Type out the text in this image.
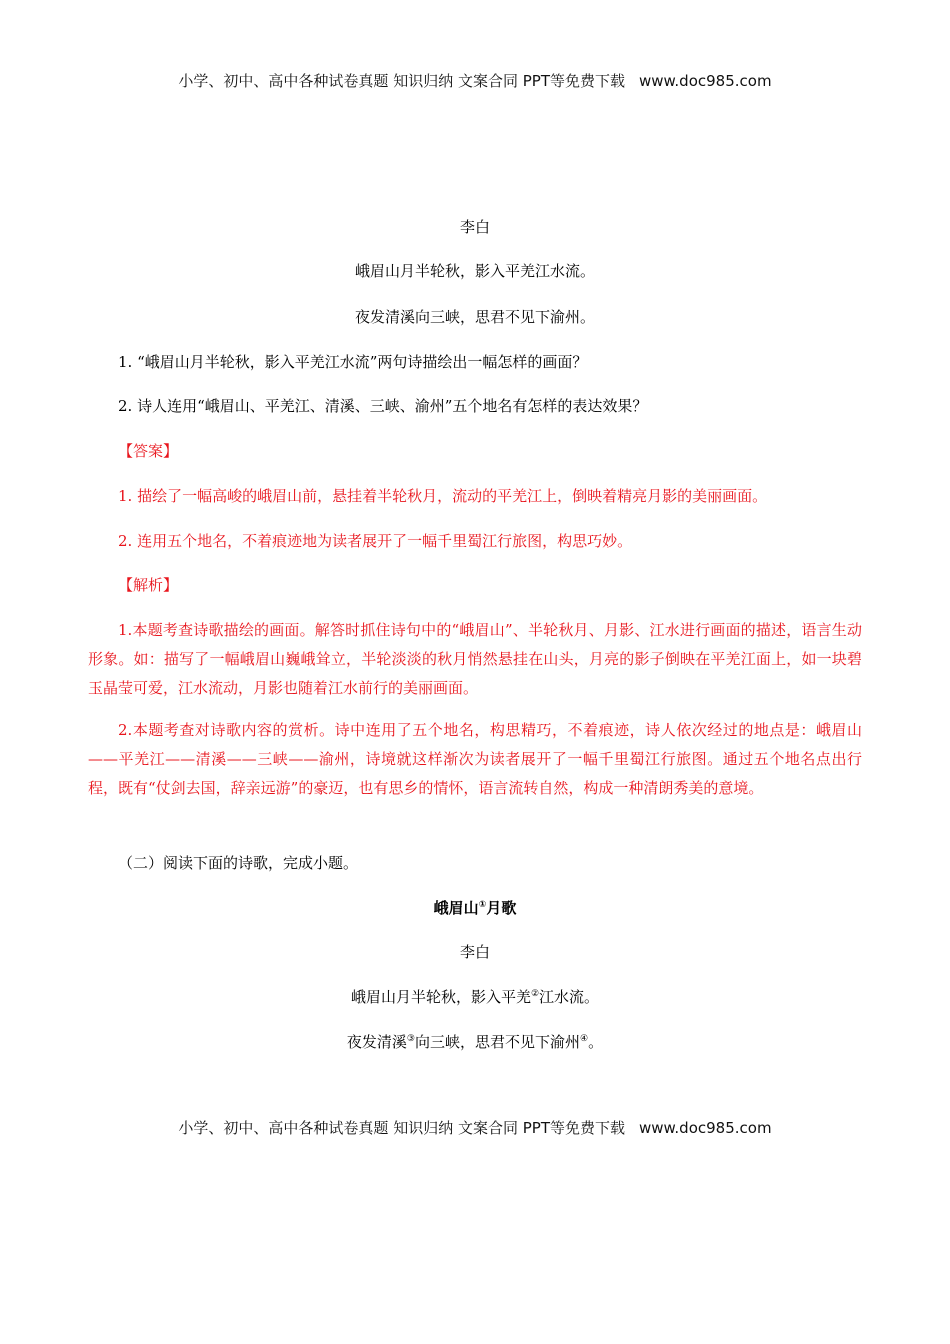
小学、初中、高中各种试卷真题 知识归纳 文案合同 PPT等免费下载 www.doc985.com
李白
峨眉山月半轮秋，影入平羌江水流。
夜发清溪向三峡，思君不见下渝州。
1. “峨眉山月半轮秋，影入平羌江水流”两句诗描绘出一幅怎样的画面？
2. 诗人连用“峨眉山、平羌江、清溪、三峡、渝州”五个地名有怎样的表达效果？
【答案】
1. 描绘了一幅高峻的峨眉山前，悬挂着半轮秋月，流动的平羌江上，倒映着精亮月影的美丽画面。
2. 连用五个地名，不着痕迹地为读者展开了一幅千里蜀江行旅图，构思巧妙。
【解析】
1.本题考查诗歌描绘的画面。解答时抓住诗句中的“峨眉山”、半轮秋月、月影、江水进行画面的描述，语言生动形象。如：描写了一幅峨眉山巍峨耸立，半轮淡淡的秋月悄然悬挂在山头，月亮的影子倒映在平羌江面上，如一块碧玉晶莹可爱，江水流动，月影也随着江水前行的美丽画面。
2.本题考查对诗歌内容的赏析。诗中连用了五个地名，构思精巧，不着痕迹，诗人依次经过的地点是：峨眉山——平羌江——清溪——三峡——渝州，诗境就这样渐次为读者展开了一幅千里蜀江行旅图。通过五个地名点出行程，既有“仗剑去国，辞亲远游”的豪迈，也有思乡的情怀，语言流转自然，构成一种清朗秀美的意境。
（二）阅读下面的诗歌，完成小题。
峨眉山①月歌
李白
峨眉山月半轮秋，影入平羌②江水流。
夜发清溪③向三峡，思君不见下渝州④。
小学、初中、高中各种试卷真题 知识归纳 文案合同 PPT等免费下载 www.doc985.com
